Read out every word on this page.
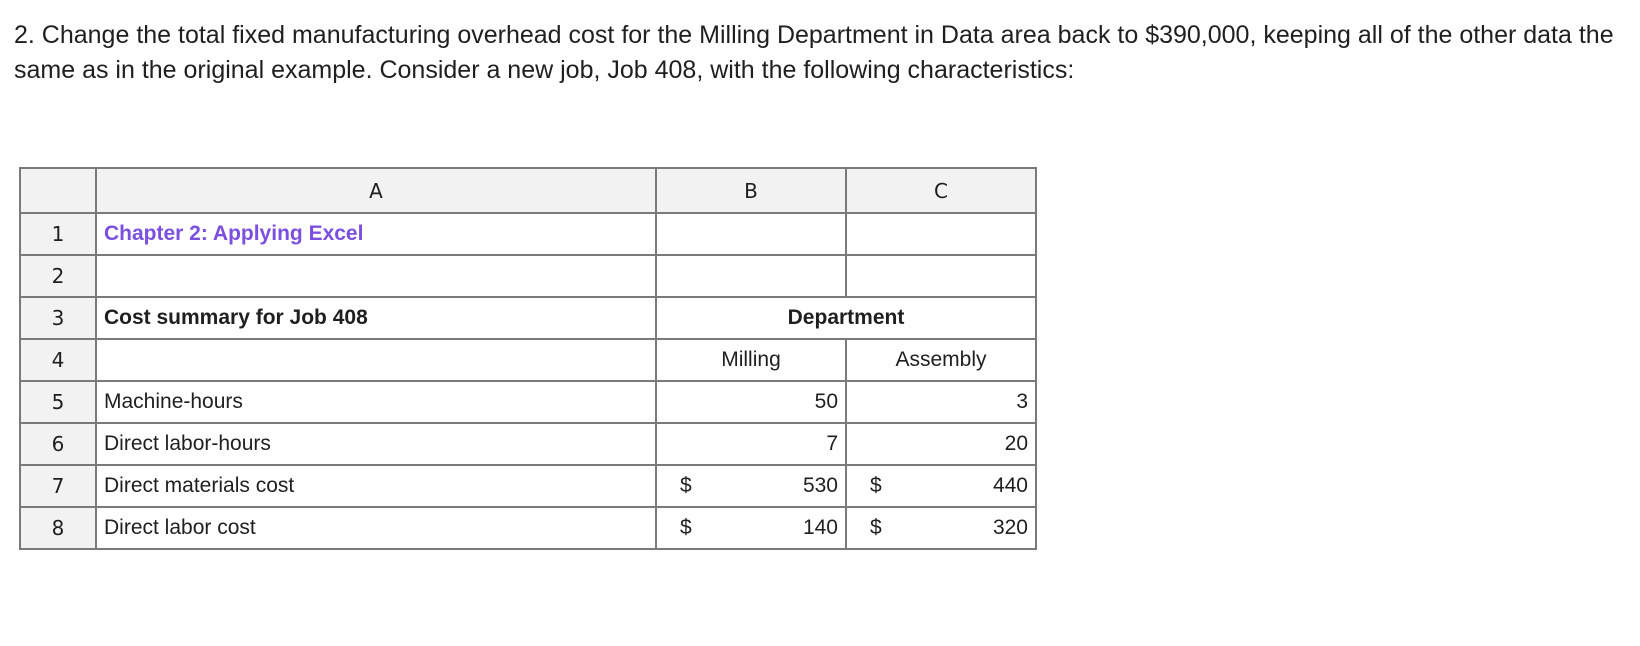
2. Change the total fixed manufacturing overhead cost for the Milling Department in Data area back to $390,000, keeping all of the other data the same as in the original example. Consider a new job, Job 408, with the following characteristics:
	A	B	C
1	Chapter 2: Applying Excel		
2			
3	Cost summary for Job 408	Department	
4		Milling	Assembly
5	Machine-hours	50	3
6	Direct labor-hours	7	20
7	Direct materials cost	$ 530	$ 440

8	Direct labor cost	$ 140	$ 320
